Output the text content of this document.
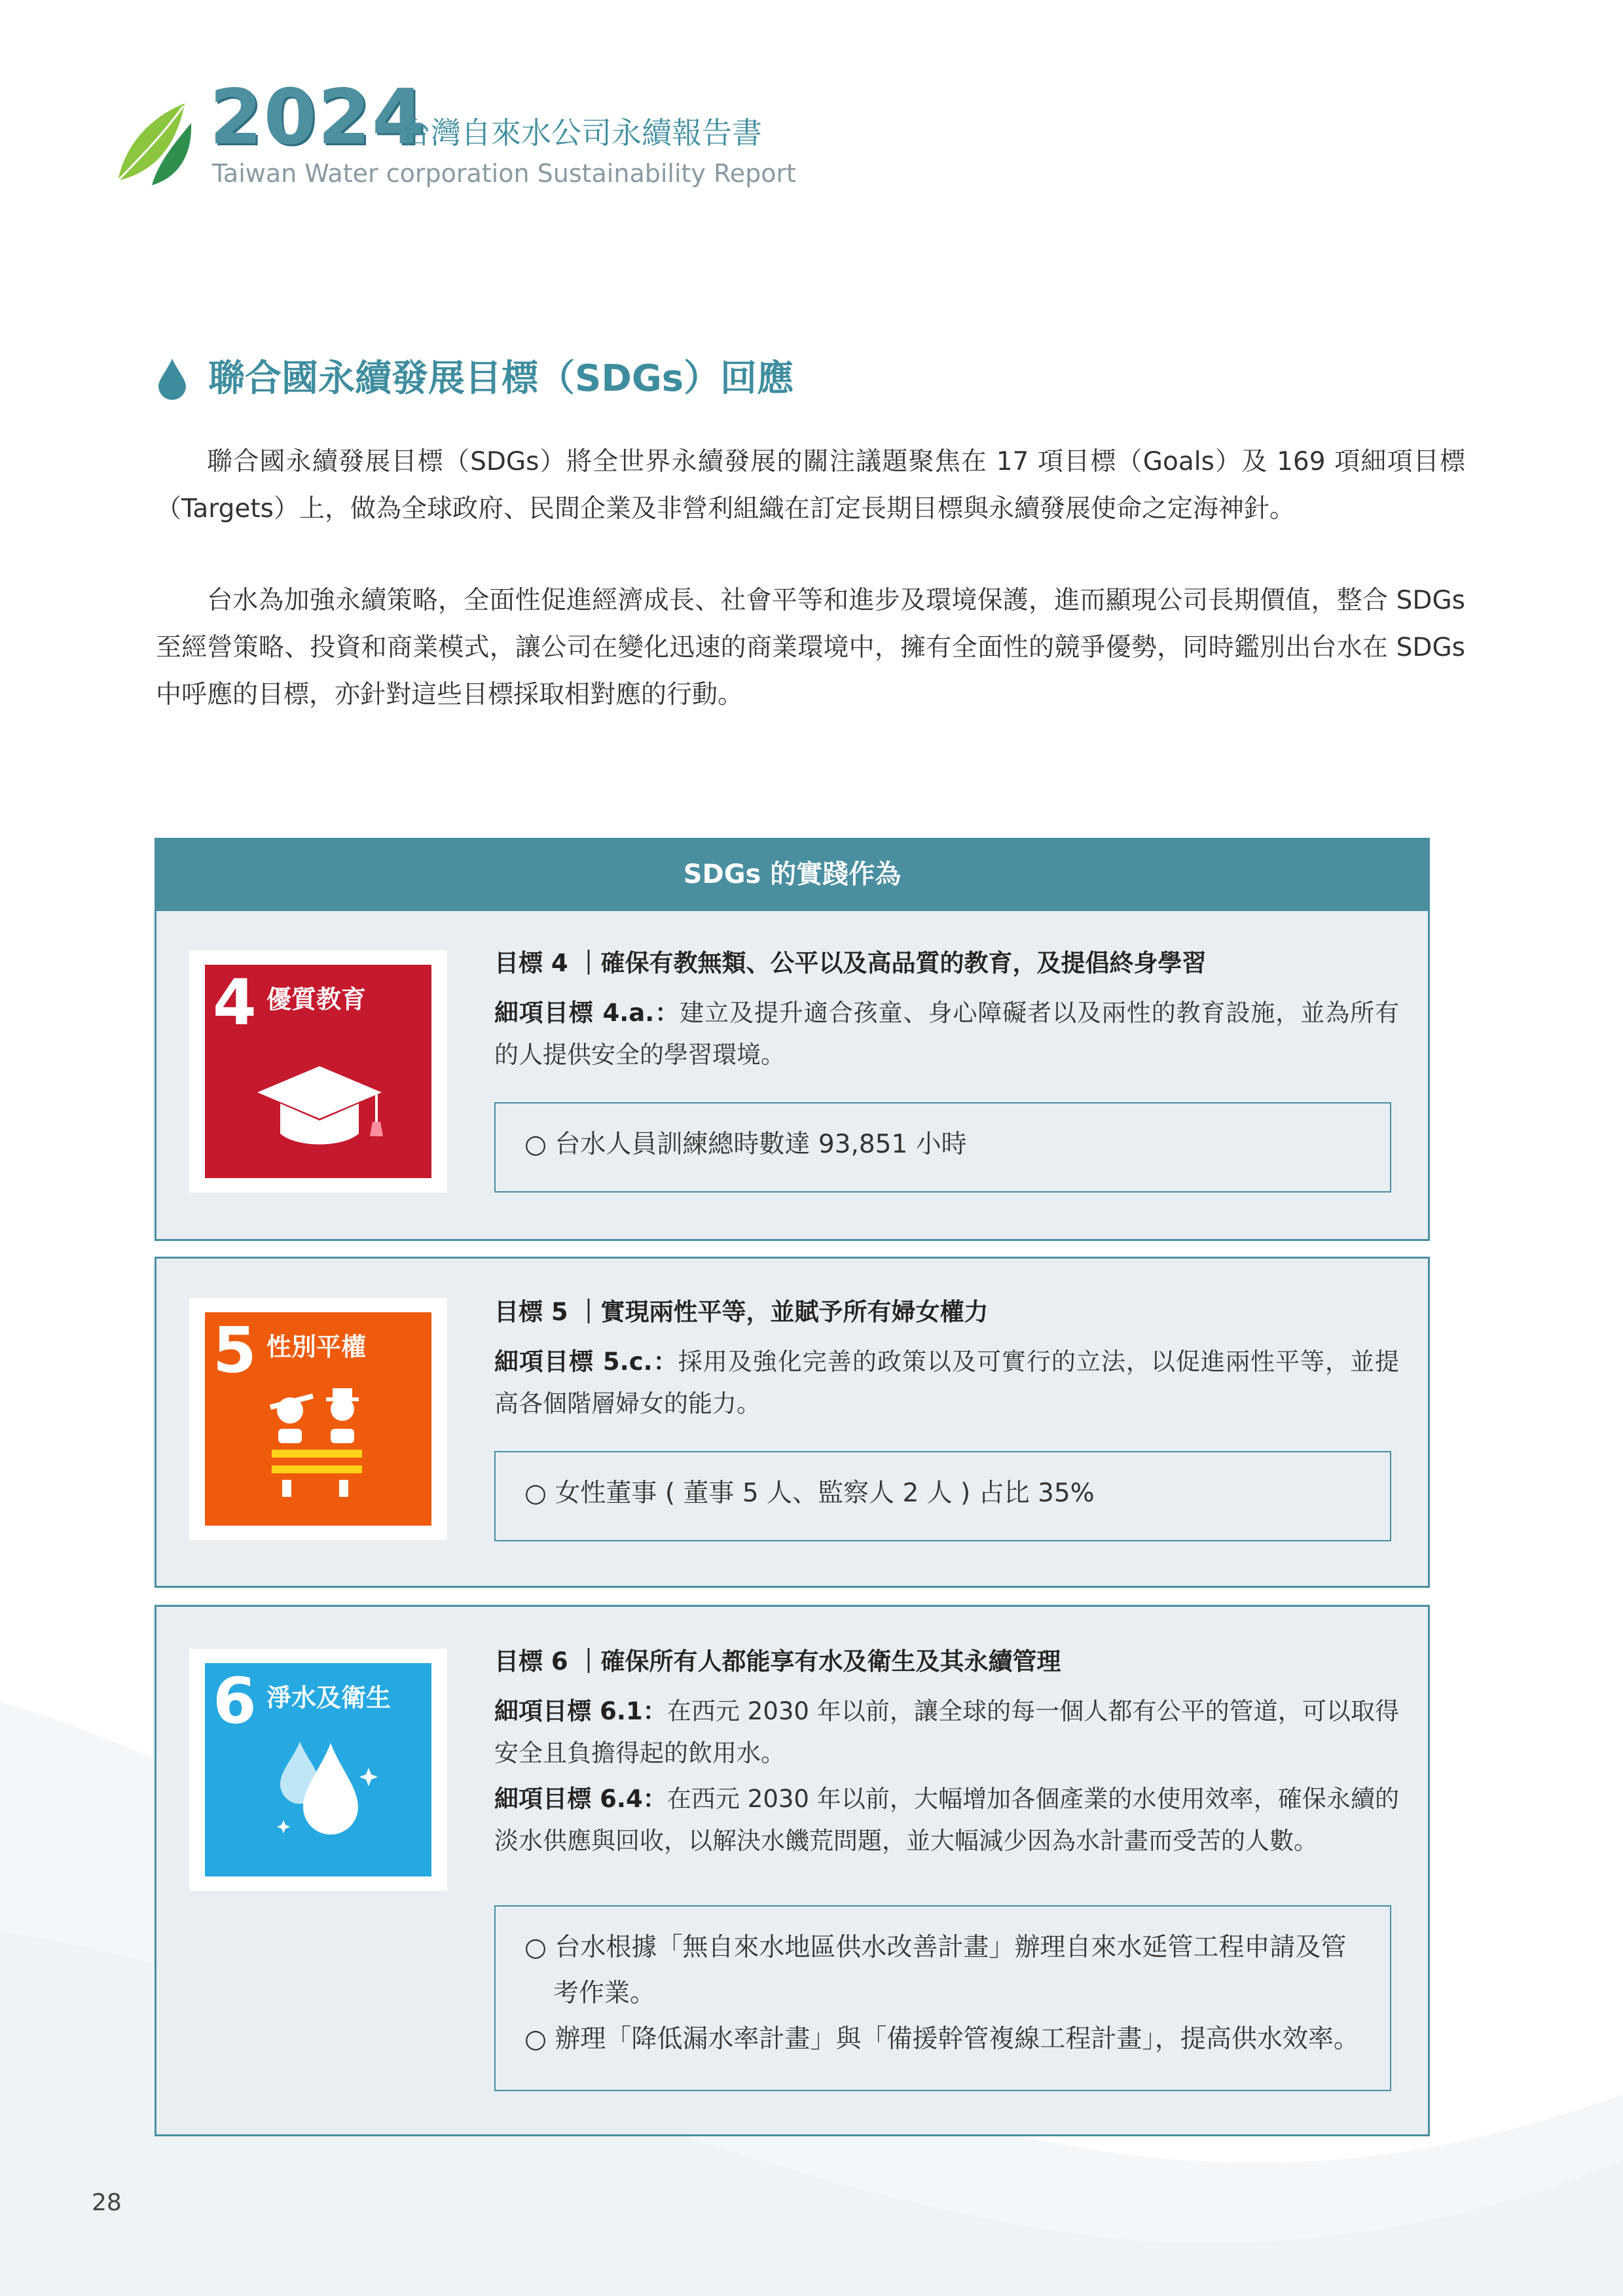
2024
台灣自來水公司永續報告書
Taiwan Water corporation Sustainability Report
聯合國永續發展目標（SDGs）回應

聯合國永續發展目標（SDGs）將全世界永續發展的關注議題聚焦在 17 項目標（Goals）及 169 項細項目標（Targets）上，做為全球政府、民間企業及非營利組織在訂定長期目標與永續發展使命之定海神針。

台水為加強永續策略，全面性促進經濟成長、社會平等和進步及環境保護，進而顯現公司長期價值，整合 SDGs 至經營策略、投資和商業模式，讓公司在變化迅速的商業環境中，擁有全面性的競爭優勢，同時鑑別出台水在 SDGs 中呼應的目標，亦針對這些目標採取相對應的行動。

SDGs 的實踐作為
4 優質教育
目標 4 ｜確保有教無類、公平以及高品質的教育，及提倡終身學習
細項目標 4.a.：建立及提升適合孩童、身心障礙者以及兩性的教育設施，並為所有的人提供安全的學習環境。
○ 台水人員訓練總時數達 93,851 小時
5 性別平權
目標 5 ｜實現兩性平等，並賦予所有婦女權力
細項目標 5.c.：採用及強化完善的政策以及可實行的立法，以促進兩性平等，並提高各個階層婦女的能力。
○ 女性董事 ( 董事 5 人、監察人 2 人 ) 占比 35%
6 淨水及衛生
目標 6 ｜確保所有人都能享有水及衛生及其永續管理
細項目標 6.1：在西元 2030 年以前，讓全球的每一個人都有公平的管道，可以取得安全且負擔得起的飲用水。
細項目標 6.4：在西元 2030 年以前，大幅增加各個產業的水使用效率，確保永續的淡水供應與回收，以解決水饑荒問題，並大幅減少因為水計畫而受苦的人數。
○ 台水根據「無自來水地區供水改善計畫」辦理自來水延管工程申請及管考作業。
○ 辦理「降低漏水率計畫」與「備援幹管複線工程計畫」，提高供水效率。
28
